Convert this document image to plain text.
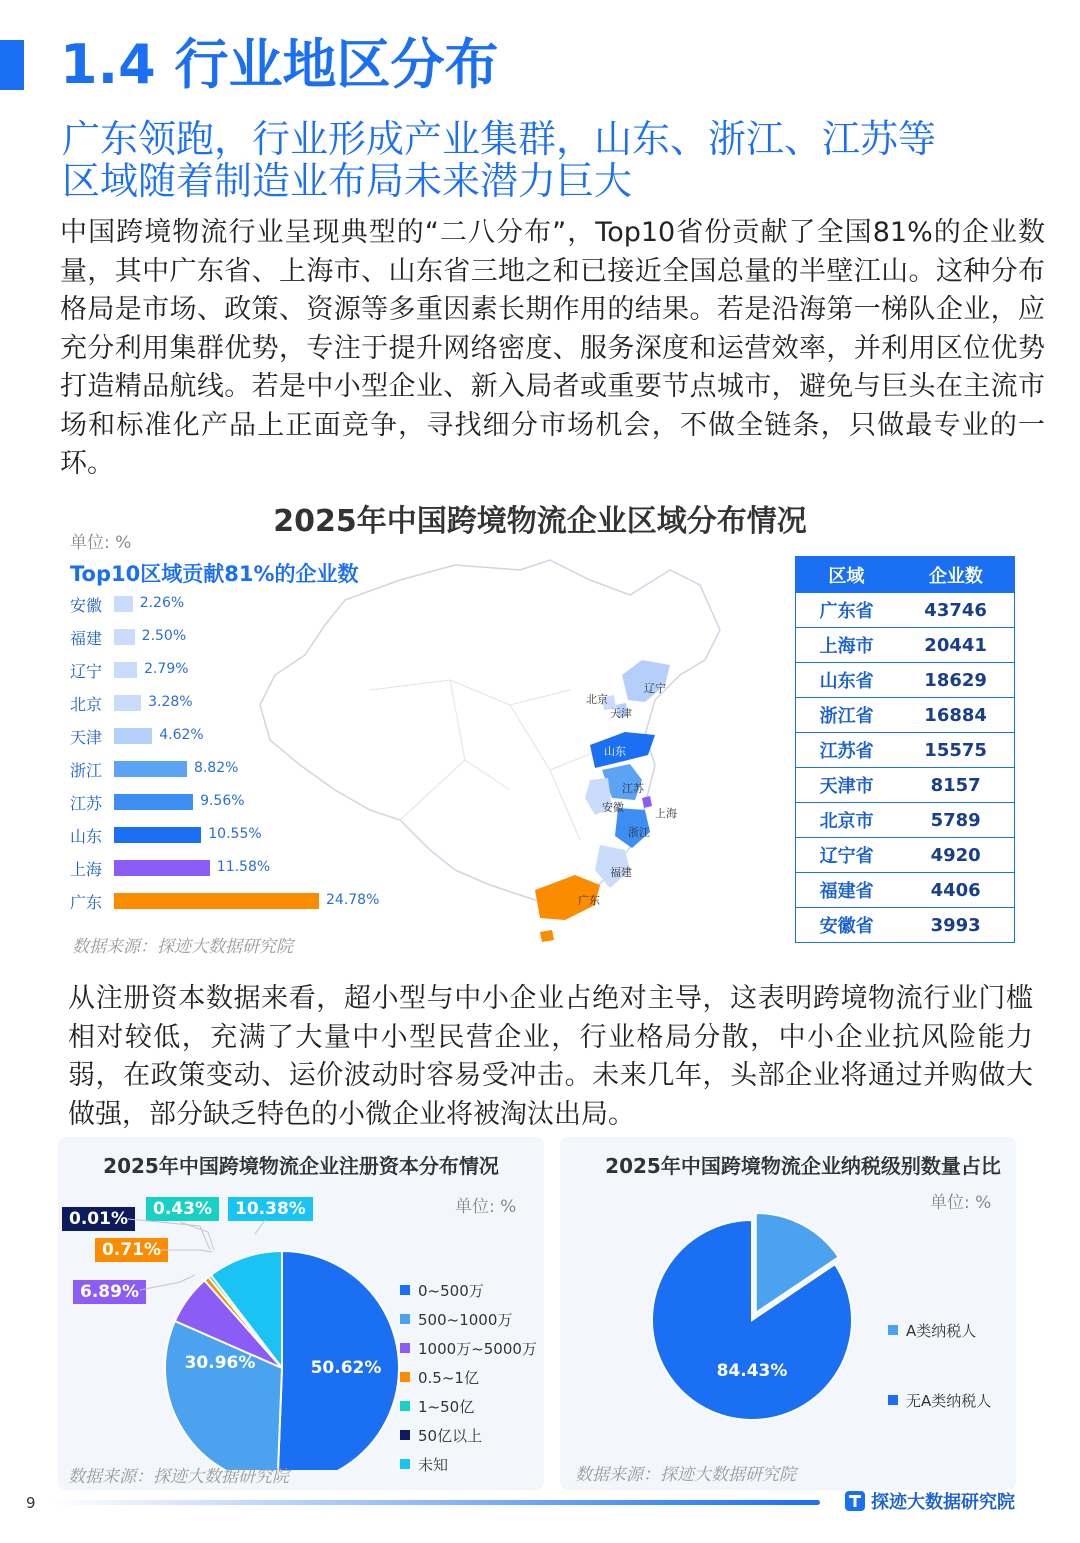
1.4 行业地区分布
广东领跑，行业形成产业集群，山东、浙江、江苏等
区域随着制造业布局未来潜力巨大
中国跨境物流行业呈现典型的“二八分布”，Top10省份贡献了全国81%的企业数量，其中广东省、上海市、山东省三地之和已接近全国总量的半壁江山。这种分布格局是市场、政策、资源等多重因素长期作用的结果。若是沿海第一梯队企业，应充分利用集群优势，专注于提升网络密度、服务深度和运营效率，并利用区位优势打造精品航线。若是中小型企业、新入局者或重要节点城市，避免与巨头在主流市场和标准化产品上正面竞争，寻找细分市场机会，不做全链条，只做最专业的一环。
2025年中国跨境物流企业区域分布情况
单位: %
Top10区域贡献81%的企业数
安徽	2.26%
福建	2.50%
辽宁	2.79%
北京	3.28%
天津	4.62%
浙江	8.82%
江苏	9.56%
山东	10.55%
上海	11.58%
广东	24.78%
北京
天津
辽宁
山东
江苏
安徽	上海
浙江
福建
广东
区域	企业数
广东省	43746
上海市	20441
山东省	18629
浙江省	16884
江苏省	15575
天津市	8157
北京市	5789
辽宁省	4920
福建省	4406
安徽省	3993
数据来源：探迹大数据研究院
从注册资本数据来看，超小型与中小企业占绝对主导，这表明跨境物流行业门槛相对较低，充满了大量中小型民营企业，行业格局分散，中小企业抗风险能力弱，在政策变动、运价波动时容易受冲击。未来几年，头部企业将通过并购做大做强，部分缺乏特色的小微企业将被淘汰出局。
2025年中国跨境物流企业注册资本分布情况
单位: %
50.62%
30.96%
0.01%	0.43%	10.38%
0.71%
6.89%	0~500万
500~1000万
1000万~5000万
0.5~1亿
1~50亿
50亿以上
未知
数据来源：探迹大数据研究院
2025年中国跨境物流企业纳税级别数量占比
单位: %
84.43%
A类纳税人
无A类纳税人
数据来源：探迹大数据研究院
9	探迹大数据研究院
